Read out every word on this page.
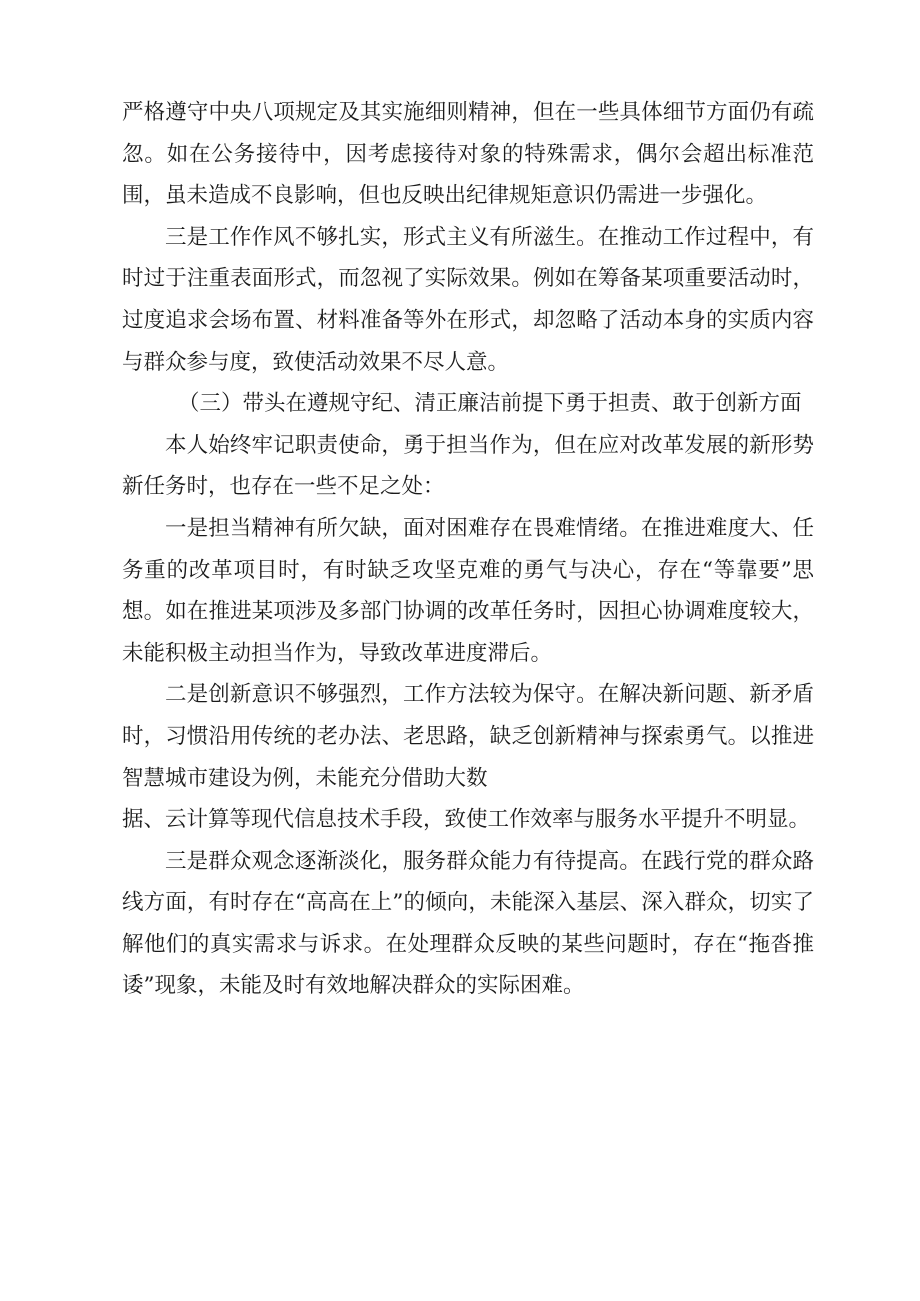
严格遵守中央八项规定及其实施细则精神，但在一些具体细节方面仍有疏忽。如在公务接待中，因考虑接待对象的特殊需求，偶尔会超出标准范围，虽未造成不良影响，但也反映出纪律规矩意识仍需进一步强化。

三是工作作风不够扎实，形式主义有所滋生。在推动工作过程中，有时过于注重表面形式，而忽视了实际效果。例如在筹备某项重要活动时，过度追求会场布置、材料准备等外在形式，却忽略了活动本身的实质内容与群众参与度，致使活动效果不尽人意。

（三）带头在遵规守纪、清正廉洁前提下勇于担责、敢于创新方面

本人始终牢记职责使命，勇于担当作为，但在应对改革发展的新形势新任务时，也存在一些不足之处：

一是担当精神有所欠缺，面对困难存在畏难情绪。在推进难度大、任务重的改革项目时，有时缺乏攻坚克难的勇气与决心，存在“等靠要”思想。如在推进某项涉及多部门协调的改革任务时，因担心协调难度较大，未能积极主动担当作为，导致改革进度滞后。

二是创新意识不够强烈，工作方法较为保守。在解决新问题、新矛盾时，习惯沿用传统的老办法、老思路，缺乏创新精神与探索勇气。以推进智慧城市建设为例，未能充分借助大数

据、云计算等现代信息技术手段，致使工作效率与服务水平提升不明显。

三是群众观念逐渐淡化，服务群众能力有待提高。在践行党的群众路线方面，有时存在“高高在上”的倾向，未能深入基层、深入群众，切实了解他们的真实需求与诉求。在处理群众反映的某些问题时，存在“拖沓推诿”现象，未能及时有效地解决群众的实际困难。
